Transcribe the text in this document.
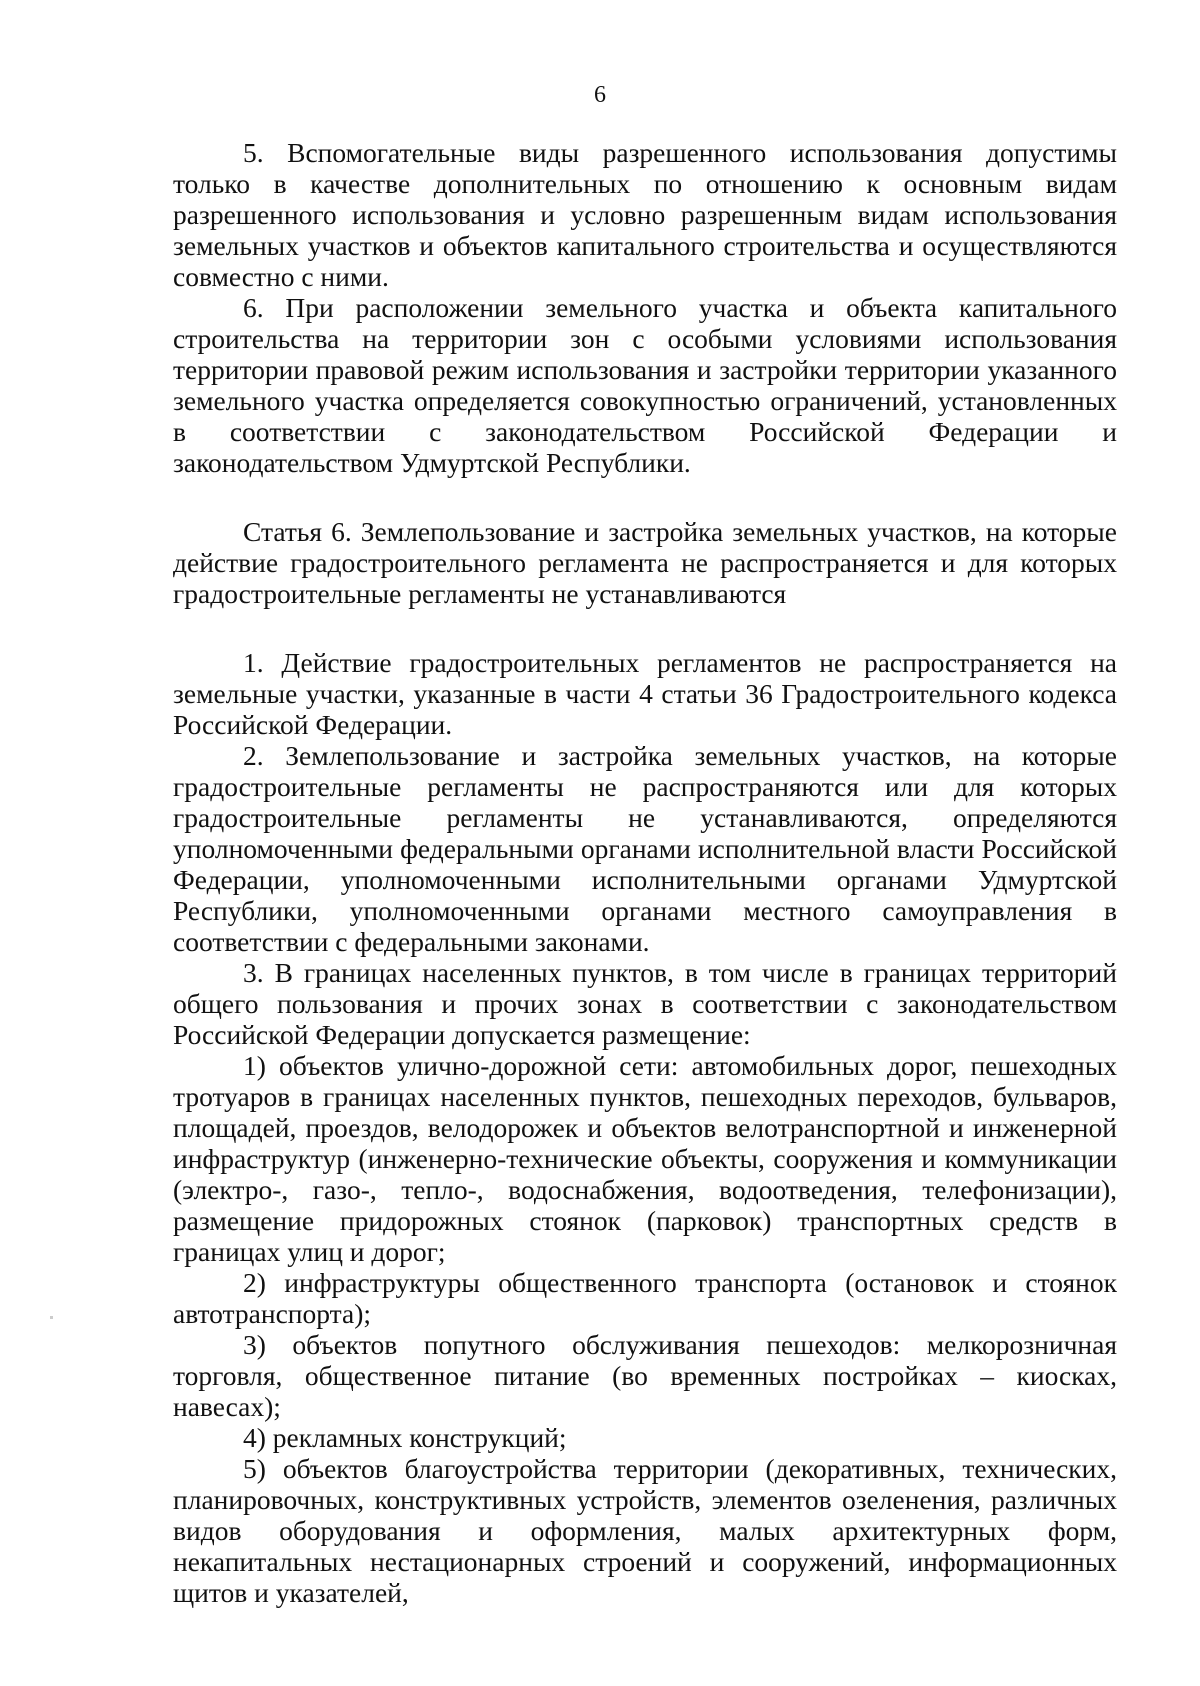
6

5. Вспомогательные виды разрешенного использования допустимы только в качестве дополнительных по отношению к основным видам разрешенного использования и условно разрешенным видам использования земельных участков и объектов капитального строительства и осуществляются совместно с ними.

6. При расположении земельного участка и объекта капитального строительства на территории зон с особыми условиями использования территории правовой режим использования и застройки территории указанного земельного участка определяется совокупностью ограничений, установленных в соответствии с законодательством Российской Федерации и законодательством Удмуртской Республики.

Статья 6. Землепользование и застройка земельных участков, на которые действие градостроительного регламента не распространяется и для которых градостроительные регламенты не устанавливаются

1. Действие градостроительных регламентов не распространяется на земельные участки, указанные в части 4 статьи 36 Градостроительного кодекса Российской Федерации.

2. Землепользование и застройка земельных участков, на которые градостроительные регламенты не распространяются или для которых градостроительные регламенты не устанавливаются, определяются уполномоченными федеральными органами исполнительной власти Российской Федерации, уполномоченными исполнительными органами Удмуртской Республики, уполномоченными органами местного самоуправления в соответствии с федеральными законами.

3. В границах населенных пунктов, в том числе в границах территорий общего пользования и прочих зонах в соответствии с законодательством Российской Федерации допускается размещение:

1) объектов улично-дорожной сети: автомобильных дорог, пешеходных тротуаров в границах населенных пунктов, пешеходных переходов, бульваров, площадей, проездов, велодорожек и объектов велотранспортной и инженерной инфраструктур (инженерно-технические объекты, сооружения и коммуникации (электро-, газо-, тепло-, водоснабжения, водоотведения, телефонизации), размещение придорожных стоянок (парковок) транспортных средств в границах улиц и дорог;

2) инфраструктуры общественного транспорта (остановок и стоянок автотранспорта);

3) объектов попутного обслуживания пешеходов: мелкорозничная торговля, общественное питание (во временных постройках – киосках, навесах);

4) рекламных конструкций;

5) объектов благоустройства территории (декоративных, технических, планировочных, конструктивных устройств, элементов озеленения, различных видов оборудования и оформления, малых архитектурных форм, некапитальных нестационарных строений и сооружений, информационных щитов и указателей,
